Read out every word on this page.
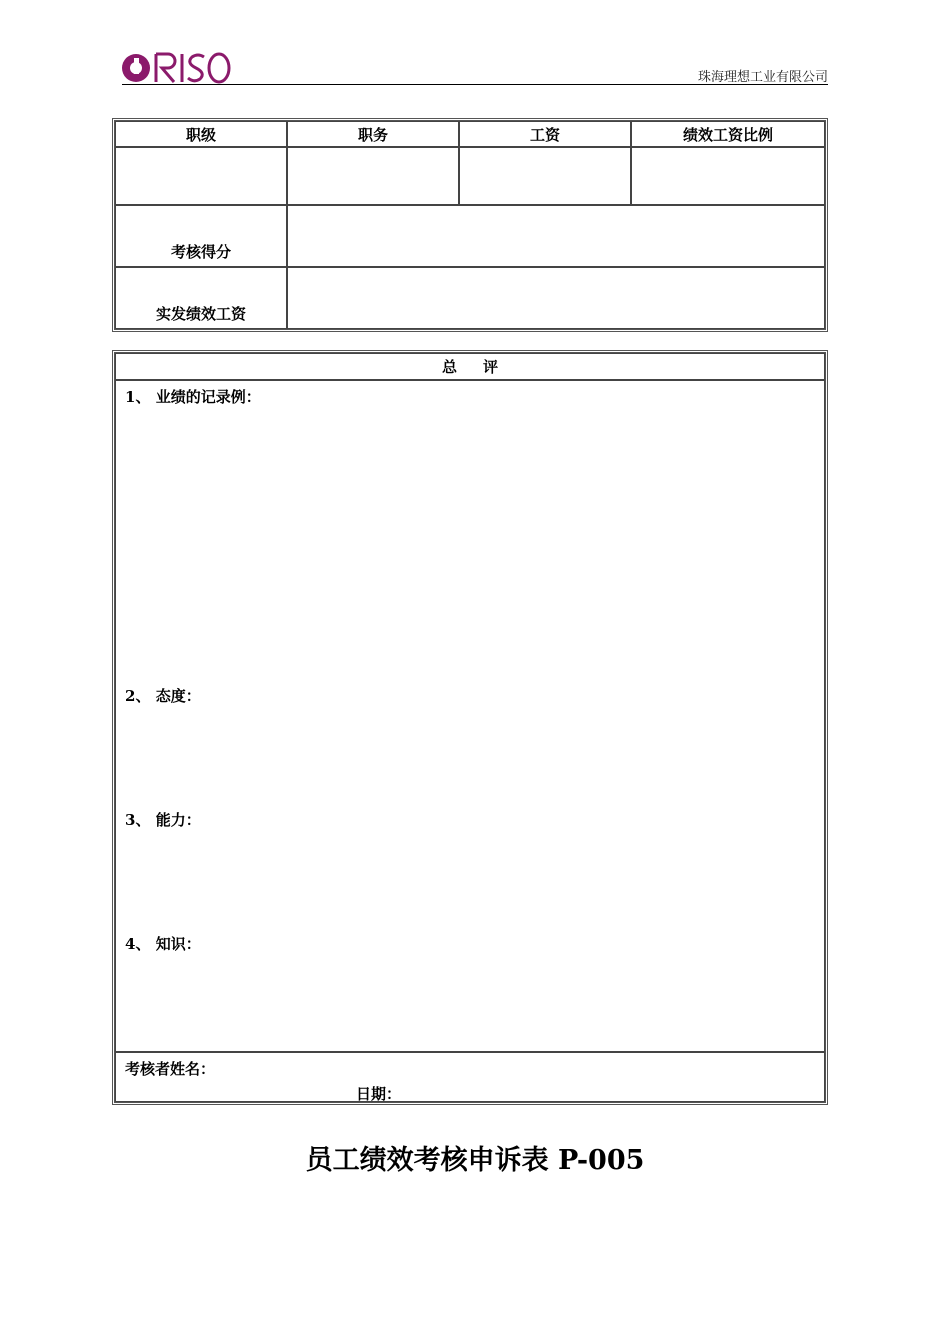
珠海理想工业有限公司
职级	职务	工资	绩效工资比例

考核得分			
实发绩效工资			
总评

1、 业绩的记录例：
2、 态度：
3、 能力：
4、 知识：

考核者姓名：
日期：
员工绩效考核申诉表 P-005
